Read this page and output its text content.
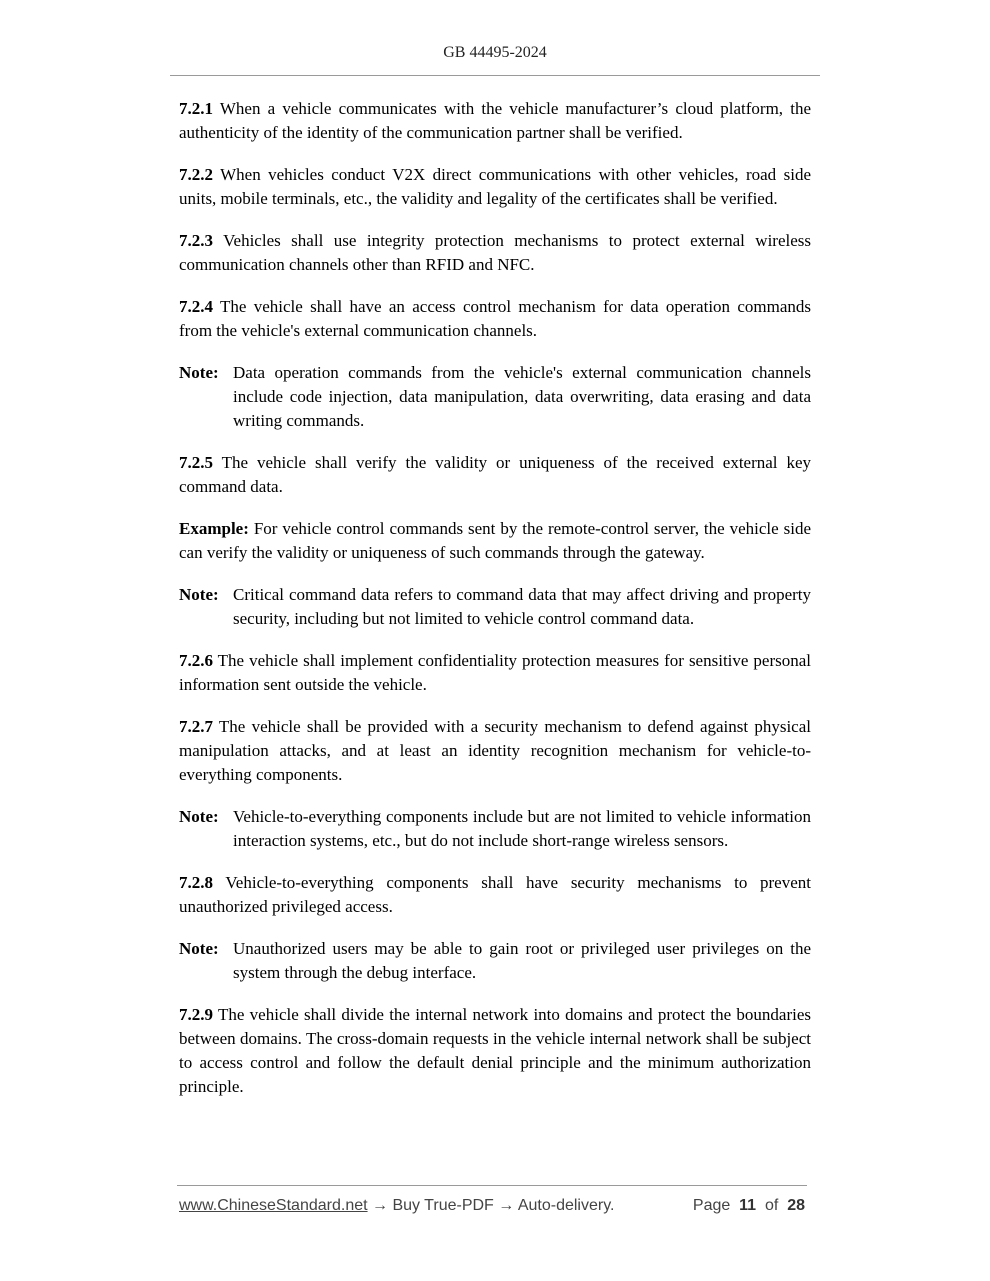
GB 44495-2024

7.2.1 When a vehicle communicates with the vehicle manufacturer’s cloud platform, the authenticity of the identity of the communication partner shall be verified.

7.2.2 When vehicles conduct V2X direct communications with other vehicles, road side units, mobile terminals, etc., the validity and legality of the certificates shall be verified.

7.2.3 Vehicles shall use integrity protection mechanisms to protect external wireless communication channels other than RFID and NFC.

7.2.4 The vehicle shall have an access control mechanism for data operation commands from the vehicle's external communication channels.

Note: Data operation commands from the vehicle's external communication channels include code injection, data manipulation, data overwriting, data erasing and data writing commands.

7.2.5 The vehicle shall verify the validity or uniqueness of the received external key command data.

Example: For vehicle control commands sent by the remote-control server, the vehicle side can verify the validity or uniqueness of such commands through the gateway.

Note: Critical command data refers to command data that may affect driving and property security, including but not limited to vehicle control command data.

7.2.6 The vehicle shall implement confidentiality protection measures for sensitive personal information sent outside the vehicle.

7.2.7 The vehicle shall be provided with a security mechanism to defend against physical manipulation attacks, and at least an identity recognition mechanism for vehicle-to-everything components.

Note: Vehicle-to-everything components include but are not limited to vehicle information interaction systems, etc., but do not include short-range wireless sensors.

7.2.8 Vehicle-to-everything components shall have security mechanisms to prevent unauthorized privileged access.

Note: Unauthorized users may be able to gain root or privileged user privileges on the system through the debug interface.

7.2.9 The vehicle shall divide the internal network into domains and protect the boundaries between domains. The cross-domain requests in the vehicle internal network shall be subject to access control and follow the default denial principle and the minimum authorization principle.

www.ChineseStandard.net → Buy True-PDF → Auto-delivery.	Page 11 of 28
